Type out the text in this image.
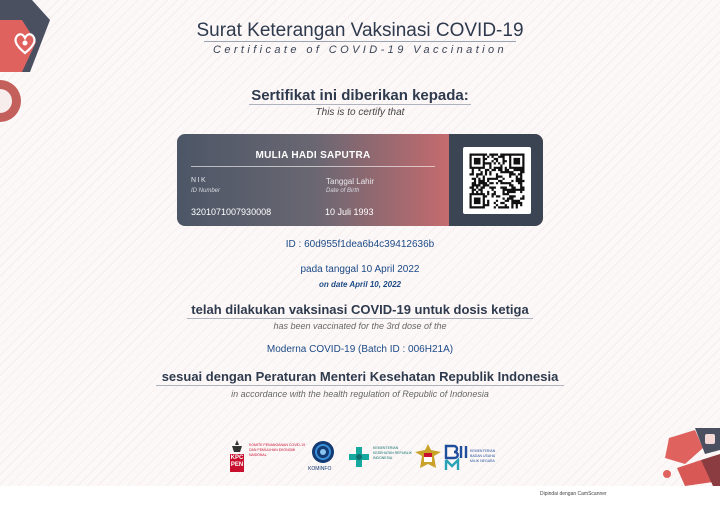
Surat Keterangan Vaksinasi COVID-19
Certificate of COVID-19 Vaccination
Sertifikat ini diberikan kepada:
This is to certify that
MULIA HADI SAPUTRA
NIK
ID Number
3201071007930008
Tanggal Lahir
Date of Birth
10 Juli 1993
ID : 60d955f1dea6b4c39412636b
pada tanggal 10 April 2022
on date April 10, 2022
telah dilakukan vaksinasi COVID-19 untuk dosis ketiga
has been vaccinated for the 3rd dose of the
Moderna COVID-19 (Batch ID : 006H21A)
sesuai dengan Peraturan Menteri Kesehatan Republik Indonesia
in accordance with the health regulation of Republic of Indonesia
KPC PEN
KOMITE PENANGANAN COVID-19 DAN PEMULIHAN EKONOMI NASIONAL
KOMINFO
KEMENTERIAN KESEHATAN REPUBLIK INDONESIA
KEMENTERIAN BADAN USAHA MILIK NEGARA
Dipindai dengan CamScanner
